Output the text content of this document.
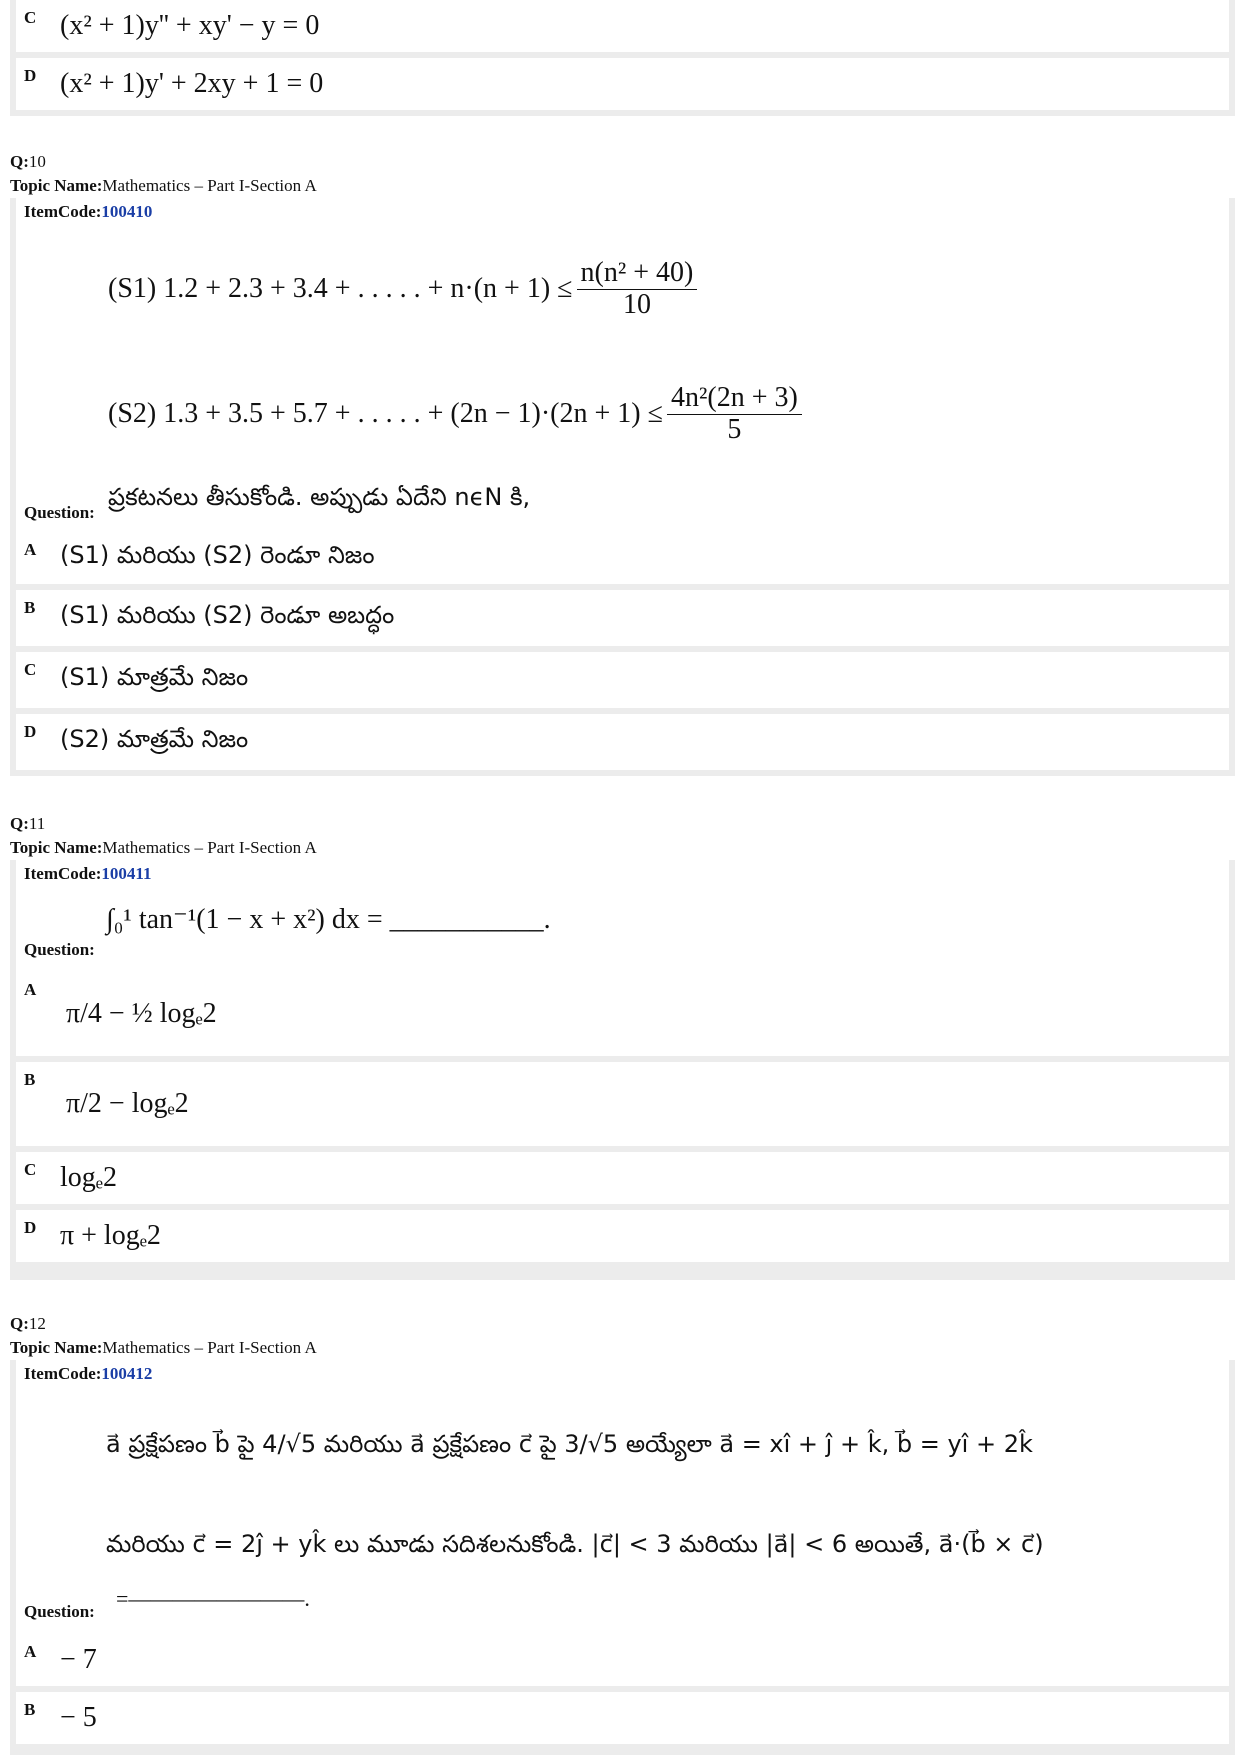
C (x² + 1)y'' + xy' − y = 0
D (x² + 1)y' + 2xy + 1 = 0
Q:10
Topic Name:Mathematics – Part I-Section A
ItemCode:100410
(S1) 1.2 + 2.3 + 3.4 + . . . . . + $n\cdot(n + 1) \le \frac{\text{n(n² + 40)}}{10}$
(S2) 1.3 + 3.5 + 5.7 + . . . . . + $(2n - 1)\cdot(2n + 1) \le \frac{\text{4n²(2n + 3)}}{5}$
Question:
ప్రకటనలు తీసుకోండి. అప్పుడు ఏదేని nϵN కి,
A (S1) మరియు (S2) రెండూ నిజం
B (S1) మరియు (S2) రెండూ అబద్ధం
C (S1) మాత్రమే నిజం
D (S2) మాత్రమే నిజం
Q:11
Topic Name:Mathematics – Part I-Section A
ItemCode:100411
Question:
∫₀¹ tan⁻¹(1 − x + x²) dx = ___________.
A
π/4 − ½ logₑ2
B
π/2 − logₑ2
C logₑ2
D π + logₑ2
Q:12
Topic Name:Mathematics – Part I-Section A
ItemCode:100412
a⃗ ప్రక్షేపణం b⃗ పై 4/√5 మరియు a⃗ ప్రక్షేపణం c⃗ పై 3/√5 అయ్యేలా a⃗ = xî + ĵ + k̂, b⃗ = yî + 2k̂
మరియు c⃗ = 2ĵ + yk̂ లు మూడు సదిశలనుకోండి. |c⃗| < 3 మరియు |a⃗| < 6 అయితే, a⃗·(b⃗ × c⃗)
Question:
=————————.
A − 7
B − 5
